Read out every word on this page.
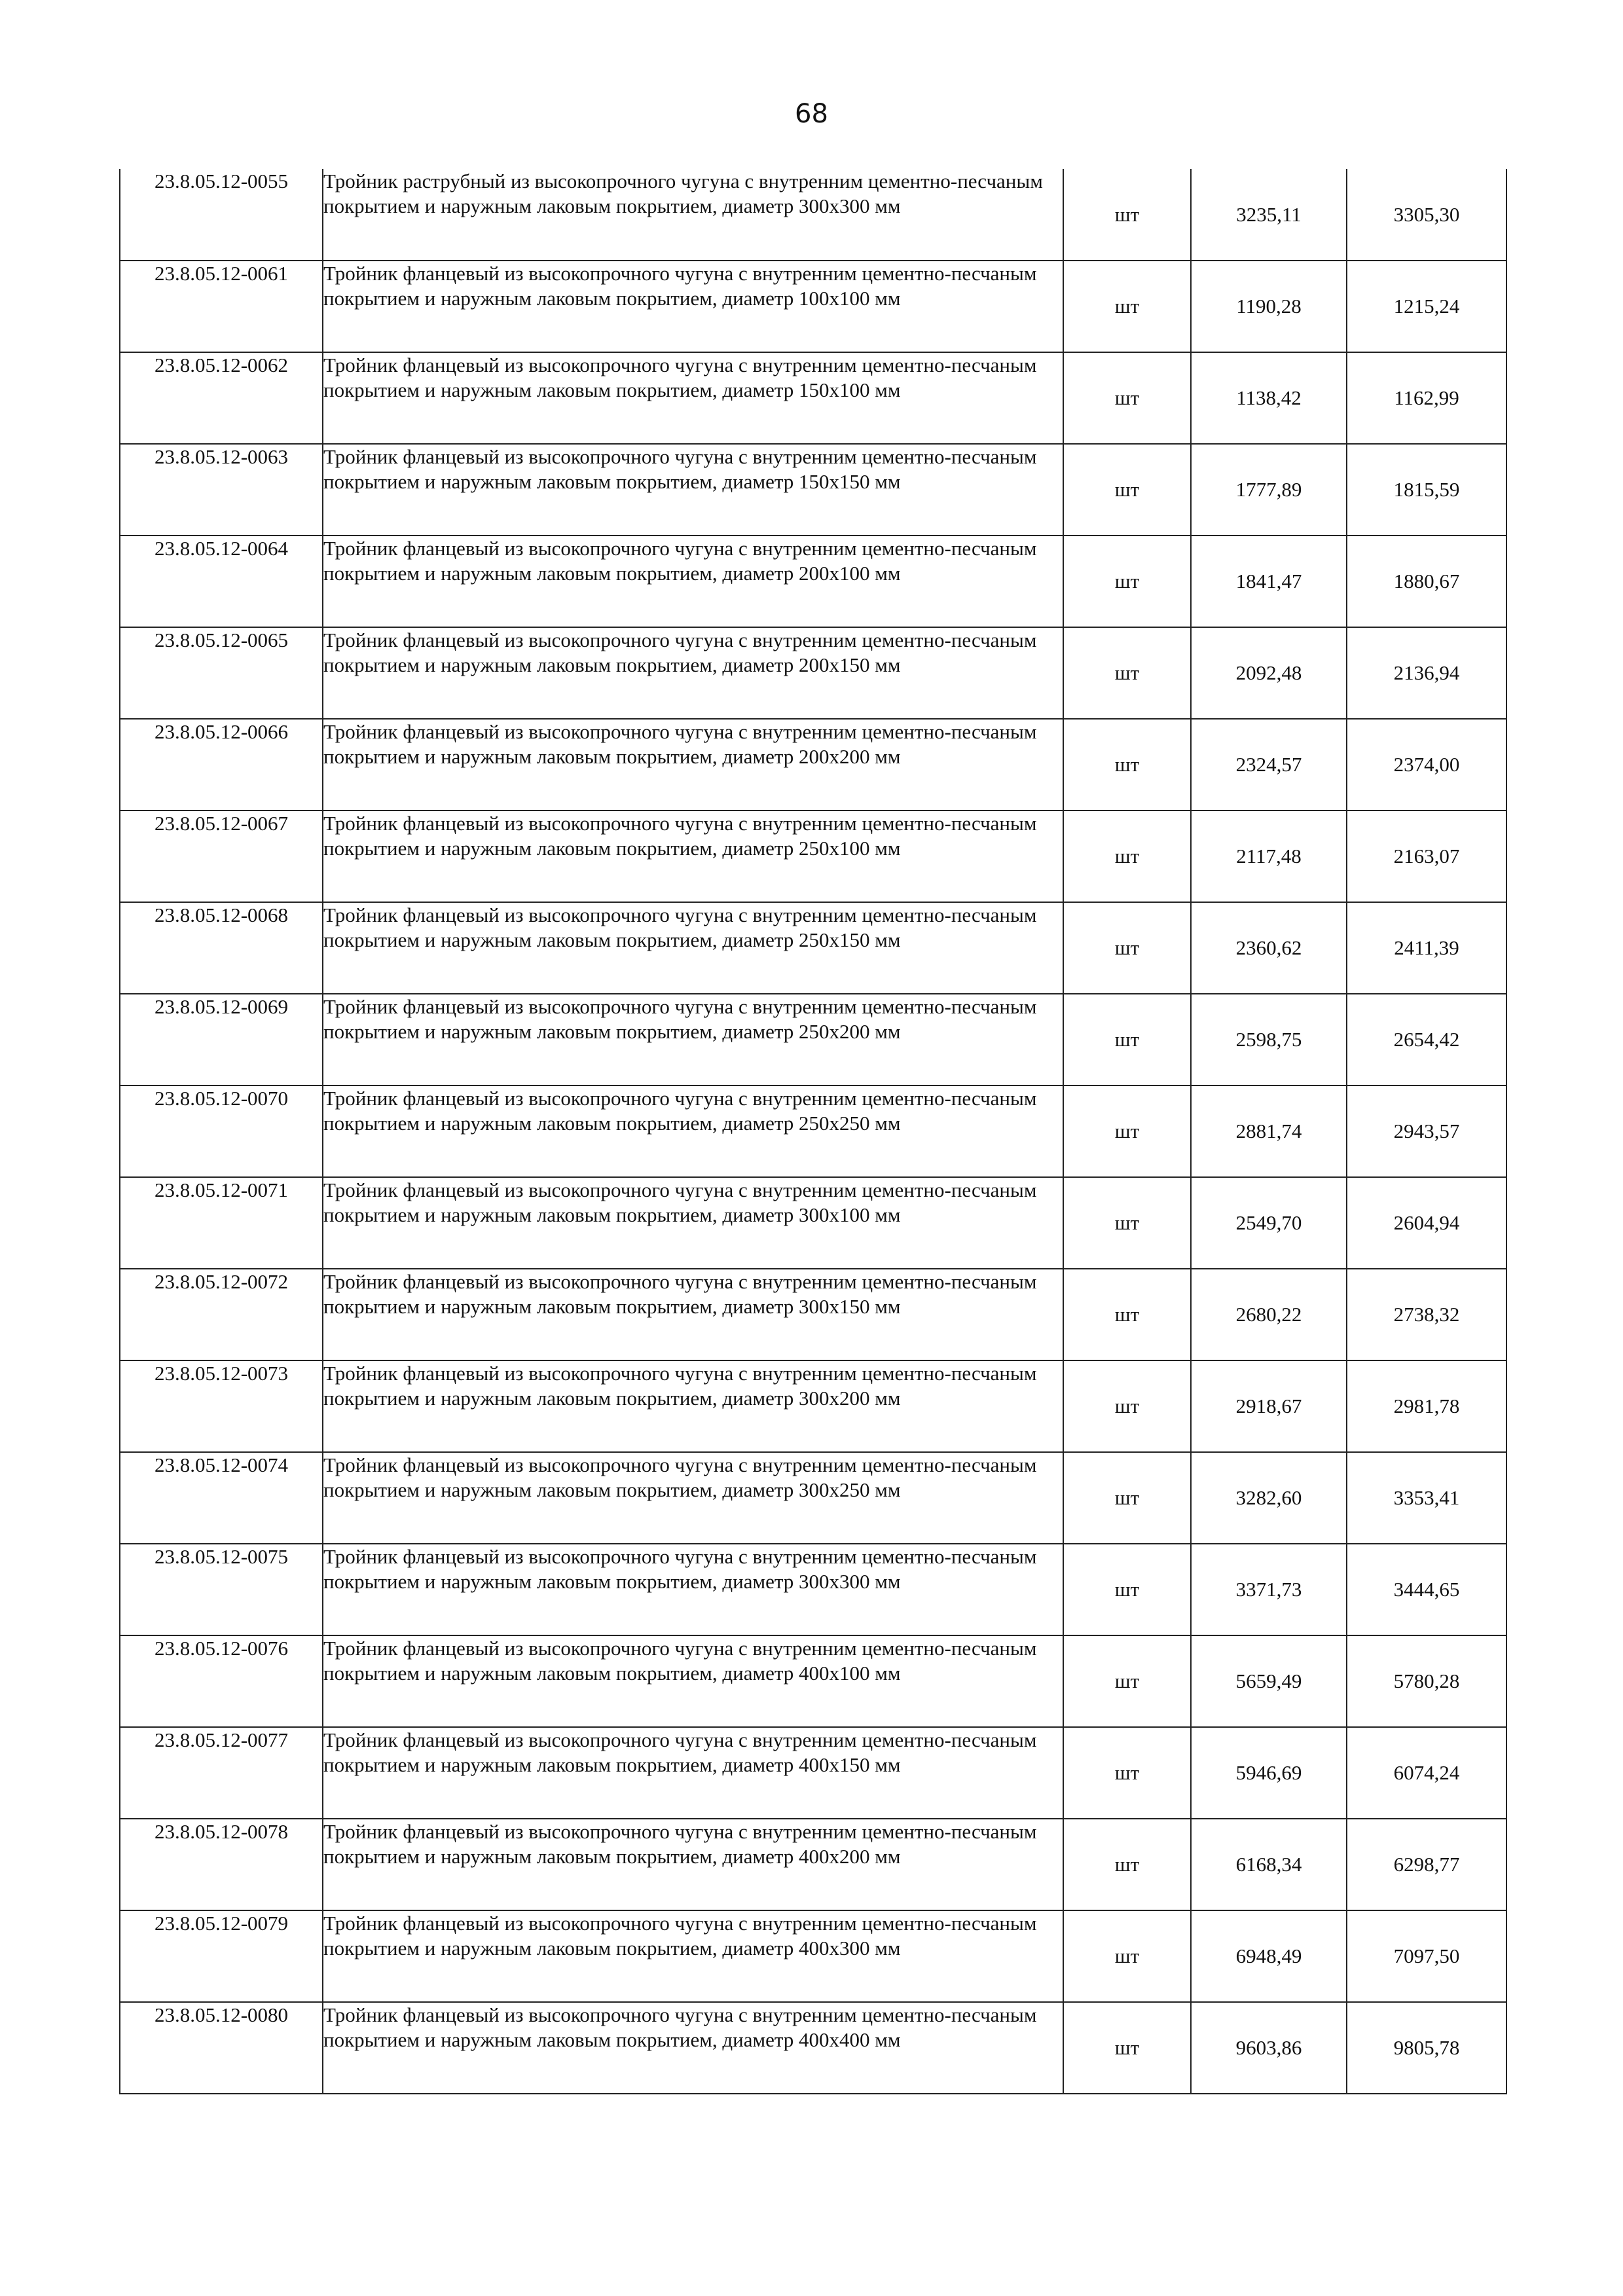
68
23.8.05.12-0055	Тройник раструбный из высокопрочного чугуна с внутренним цементно-песчаным покрытием и наружным лаковым покрытием, диаметр 300х300 мм	шт	3235,11	3305,30
23.8.05.12-0061	Тройник фланцевый из высокопрочного чугуна с внутренним цементно-песчаным покрытием и наружным лаковым покрытием, диаметр 100х100 мм	шт	1190,28	1215,24
23.8.05.12-0062	Тройник фланцевый из высокопрочного чугуна с внутренним цементно-песчаным покрытием и наружным лаковым покрытием, диаметр 150х100 мм	шт	1138,42	1162,99
23.8.05.12-0063	Тройник фланцевый из высокопрочного чугуна с внутренним цементно-песчаным покрытием и наружным лаковым покрытием, диаметр 150х150 мм	шт	1777,89	1815,59
23.8.05.12-0064	Тройник фланцевый из высокопрочного чугуна с внутренним цементно-песчаным покрытием и наружным лаковым покрытием, диаметр 200х100 мм	шт	1841,47	1880,67
23.8.05.12-0065	Тройник фланцевый из высокопрочного чугуна с внутренним цементно-песчаным покрытием и наружным лаковым покрытием, диаметр 200х150 мм	шт	2092,48	2136,94
23.8.05.12-0066	Тройник фланцевый из высокопрочного чугуна с внутренним цементно-песчаным покрытием и наружным лаковым покрытием, диаметр 200х200 мм	шт	2324,57	2374,00
23.8.05.12-0067	Тройник фланцевый из высокопрочного чугуна с внутренним цементно-песчаным покрытием и наружным лаковым покрытием, диаметр 250х100 мм	шт	2117,48	2163,07
23.8.05.12-0068	Тройник фланцевый из высокопрочного чугуна с внутренним цементно-песчаным покрытием и наружным лаковым покрытием, диаметр 250х150 мм	шт	2360,62	2411,39
23.8.05.12-0069	Тройник фланцевый из высокопрочного чугуна с внутренним цементно-песчаным покрытием и наружным лаковым покрытием, диаметр 250х200 мм	шт	2598,75	2654,42
23.8.05.12-0070	Тройник фланцевый из высокопрочного чугуна с внутренним цементно-песчаным покрытием и наружным лаковым покрытием, диаметр 250х250 мм	шт	2881,74	2943,57
23.8.05.12-0071	Тройник фланцевый из высокопрочного чугуна с внутренним цементно-песчаным покрытием и наружным лаковым покрытием, диаметр 300х100 мм	шт	2549,70	2604,94
23.8.05.12-0072	Тройник фланцевый из высокопрочного чугуна с внутренним цементно-песчаным покрытием и наружным лаковым покрытием, диаметр 300х150 мм	шт	2680,22	2738,32
23.8.05.12-0073	Тройник фланцевый из высокопрочного чугуна с внутренним цементно-песчаным покрытием и наружным лаковым покрытием, диаметр 300х200 мм	шт	2918,67	2981,78
23.8.05.12-0074	Тройник фланцевый из высокопрочного чугуна с внутренним цементно-песчаным покрытием и наружным лаковым покрытием, диаметр 300х250 мм	шт	3282,60	3353,41
23.8.05.12-0075	Тройник фланцевый из высокопрочного чугуна с внутренним цементно-песчаным покрытием и наружным лаковым покрытием, диаметр 300х300 мм	шт	3371,73	3444,65
23.8.05.12-0076	Тройник фланцевый из высокопрочного чугуна с внутренним цементно-песчаным покрытием и наружным лаковым покрытием, диаметр 400х100 мм	шт	5659,49	5780,28
23.8.05.12-0077	Тройник фланцевый из высокопрочного чугуна с внутренним цементно-песчаным покрытием и наружным лаковым покрытием, диаметр 400х150 мм	шт	5946,69	6074,24
23.8.05.12-0078	Тройник фланцевый из высокопрочного чугуна с внутренним цементно-песчаным покрытием и наружным лаковым покрытием, диаметр 400х200 мм	шт	6168,34	6298,77
23.8.05.12-0079	Тройник фланцевый из высокопрочного чугуна с внутренним цементно-песчаным покрытием и наружным лаковым покрытием, диаметр 400х300 мм	шт	6948,49	7097,50
23.8.05.12-0080	Тройник фланцевый из высокопрочного чугуна с внутренним цементно-песчаным покрытием и наружным лаковым покрытием, диаметр 400х400 мм	шт	9603,86	9805,78
